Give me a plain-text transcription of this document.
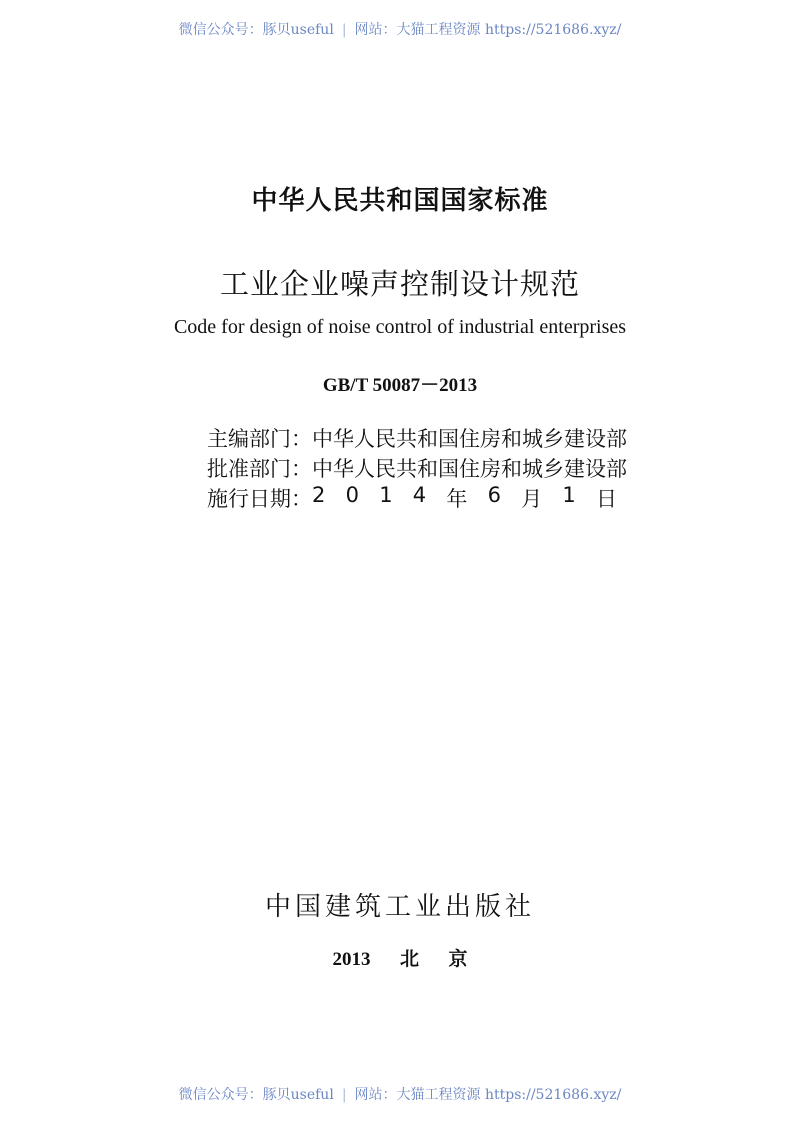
微信公众号：豚贝useful | 网站：大猫工程资源 https://521686.xyz/
中华人民共和国国家标准
工业企业噪声控制设计规范
Code for design of noise control of industrial enterprises
GB/T 50087－2013
主编部门： 中华人民共和国住房和城乡建设部
批准部门： 中华人民共和国住房和城乡建设部
施行日期： 2 0 1 4 年 6 月 1 日
中国建筑工业出版社
2013  北  京
微信公众号：豚贝useful | 网站：大猫工程资源 https://521686.xyz/
